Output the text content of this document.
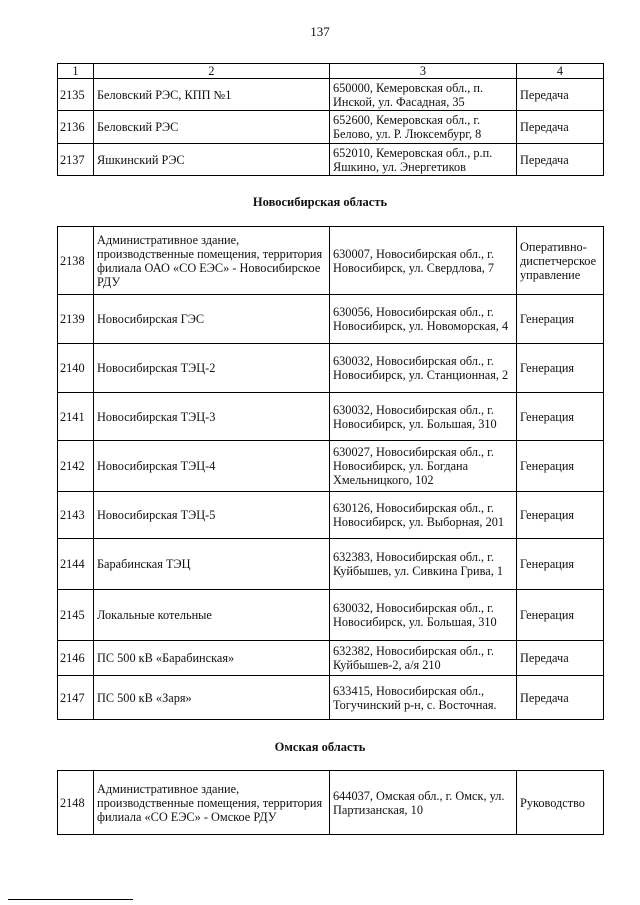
137
1	2	3	4
2135	Беловский РЭС, КПП №1	650000, Кемеровская обл., п. Инской, ул. Фасадная, 35	Передача
2136	Беловский РЭС	652600, Кемеровская обл., г. Белово, ул. Р. Люксембург, 8	Передача
2137	Яшкинский РЭС	652010, Кемеровская обл., р.п. Яшкино, ул. Энергетиков	Передача
Новосибирская область
2138	Административное здание, производственные помещения, территория филиала ОАО «СО ЕЭС» - Новосибирское РДУ	630007, Новосибирская обл., г. Новосибирск, ул. Свердлова, 7	Оперативно-диспетчерское управление
2139	Новосибирская ГЭС	630056, Новосибирская обл., г. Новосибирск, ул. Новоморская, 4	Генерация
2140	Новосибирская ТЭЦ-2	630032, Новосибирская обл., г. Новосибирск, ул. Станционная, 2	Генерация
2141	Новосибирская ТЭЦ-3	630032, Новосибирская обл., г. Новосибирск, ул. Большая, 310	Генерация
2142	Новосибирская ТЭЦ-4	630027, Новосибирская обл., г. Новосибирск, ул. Богдана Хмельницкого, 102	Генерация
2143	Новосибирская ТЭЦ-5	630126, Новосибирская обл., г. Новосибирск, ул. Выборная, 201	Генерация
2144	Барабинская ТЭЦ	632383, Новосибирская обл., г. Куйбышев, ул. Сивкина Грива, 1	Генерация
2145	Локальные котельные	630032, Новосибирская обл., г. Новосибирск, ул. Большая, 310	Генерация
2146	ПС 500 кВ «Барабинская»	632382, Новосибирская обл., г. Куйбышев-2, а/я 210	Передача
2147	ПС 500 кВ «Заря»	633415, Новосибирская обл., Тогучинский р-н, с. Восточная.	Передача
Омская область
2148	Административное здание, производственные помещения, территория филиала «СО ЕЭС» - Омское РДУ	644037, Омская обл., г. Омск, ул. Партизанская, 10	Руководство
